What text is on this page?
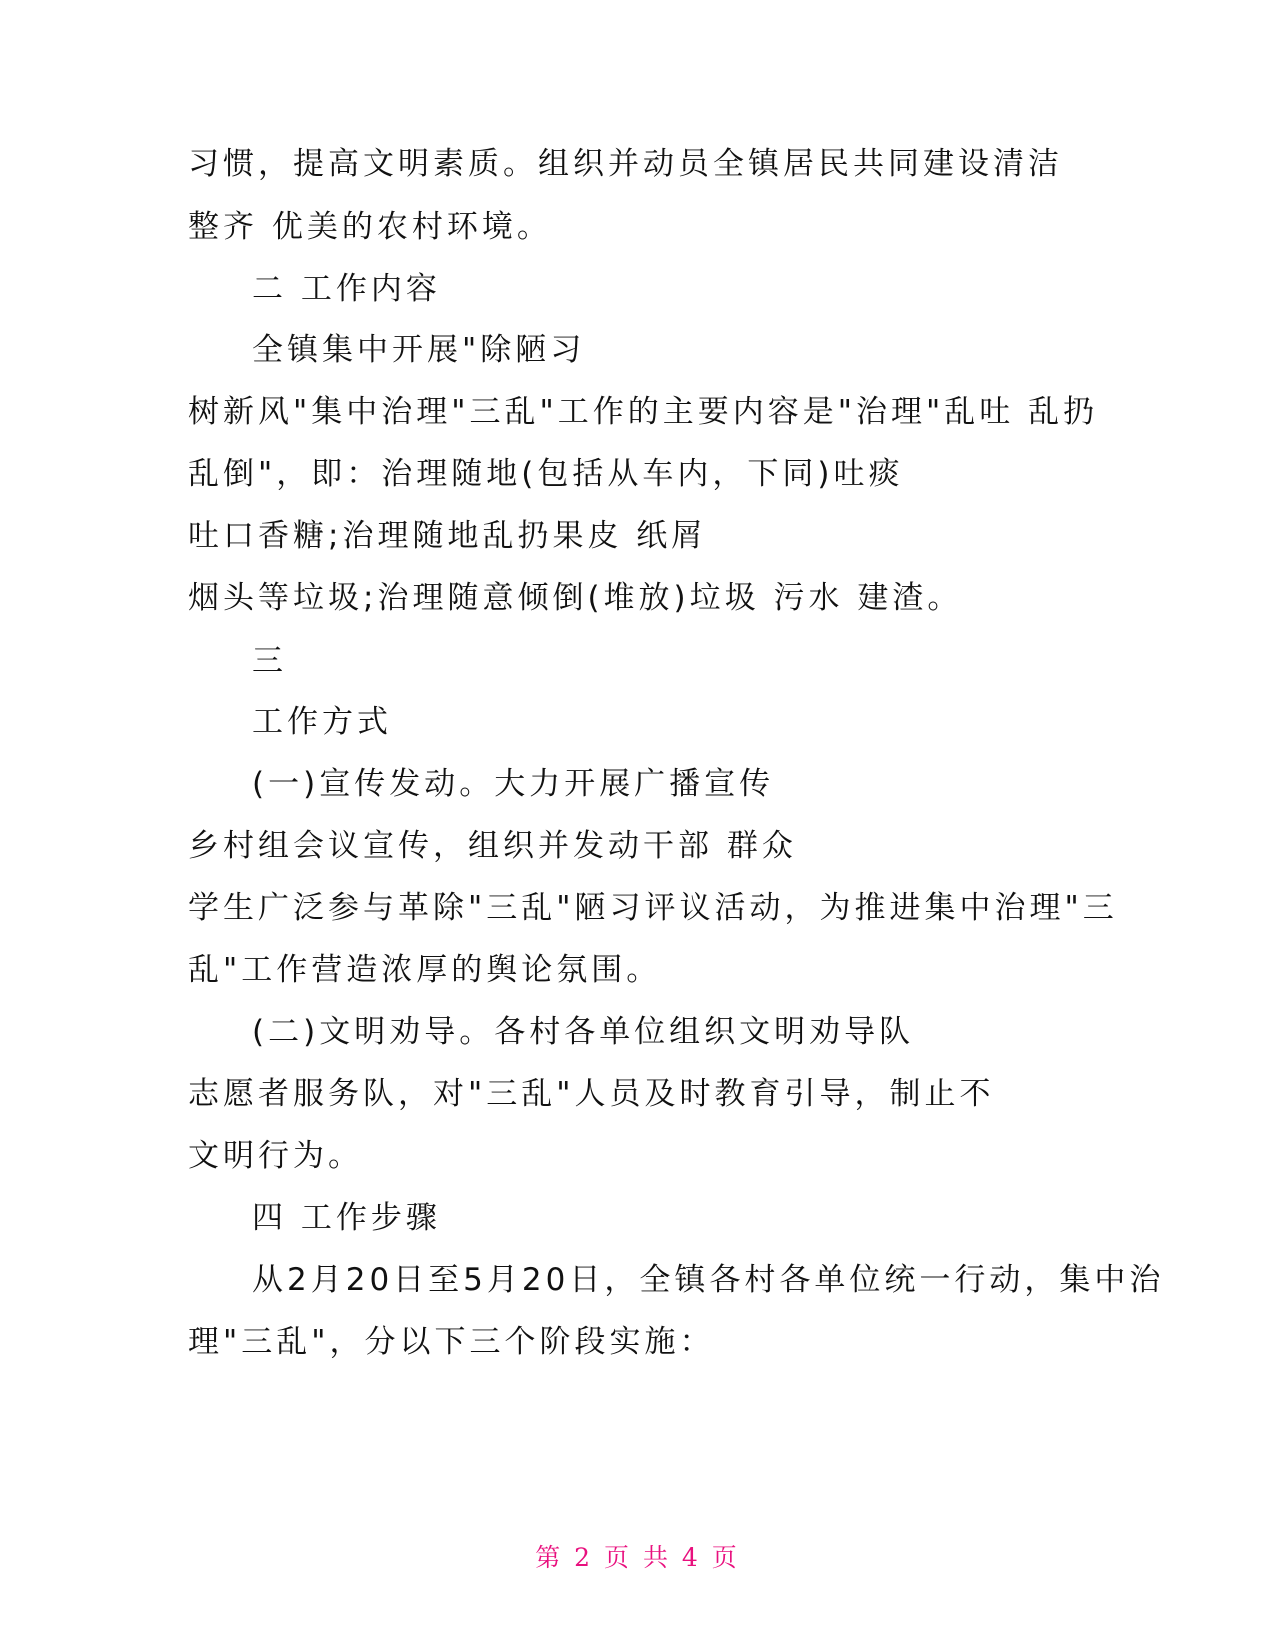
习惯，提高文明素质。组织并动员全镇居民共同建设清洁
整齐 优美的农村环境。
二 工作内容
全镇集中开展"除陋习
树新风"集中治理"三乱"工作的主要内容是"治理"乱吐 乱扔
乱倒"，即：治理随地(包括从车内，下同)吐痰
吐口香糖;治理随地乱扔果皮 纸屑
烟头等垃圾;治理随意倾倒(堆放)垃圾 污水 建渣。
三
工作方式
(一)宣传发动。大力开展广播宣传
乡村组会议宣传，组织并发动干部 群众
学生广泛参与革除"三乱"陋习评议活动，为推进集中治理"三
乱"工作营造浓厚的舆论氛围。
(二)文明劝导。各村各单位组织文明劝导队
志愿者服务队，对"三乱"人员及时教育引导，制止不
文明行为。
四 工作步骤
从2月20日至5月20日，全镇各村各单位统一行动，集中治
理"三乱"，分以下三个阶段实施：
第 2 页 共 4 页
